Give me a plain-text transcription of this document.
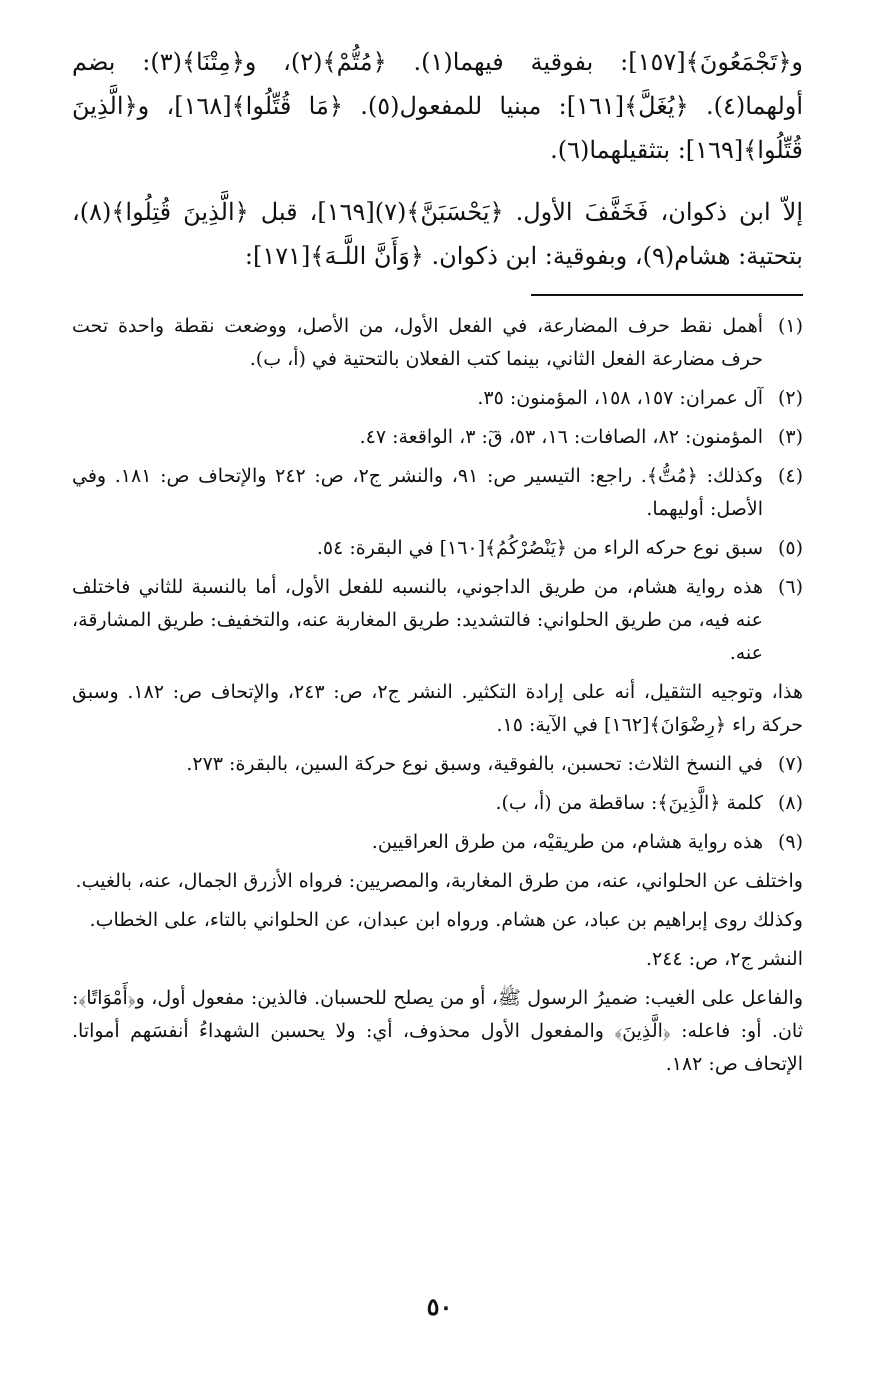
و﴿تَجْمَعُونَ﴾[١٥٧]: بفوقية فيهما(١). ﴿مُتُّمْ﴾(٢)، و﴿مِتْنَا﴾(٣): بضم أولهما(٤). ﴿يُغَلَّ﴾[١٦١]: مبنيا للمفعول(٥). ﴿مَا قُتِّلُوا﴾[١٦٨]، و﴿الَّذِينَ قُتِّلُوا﴾[١٦٩]: بتثقيلهما(٦).

إلاّ ابن ذكوان، فَخَفَّفَ الأول. ﴿يَحْسَبَنَّ﴾(٧)[١٦٩]، قبل ﴿الَّذِينَ قُتِلُوا﴾(٨)، بتحتية: هشام(٩)، وبفوقية: ابن ذكوان. ﴿وَأَنَّ اللَّـهَ﴾[١٧١]:

(١)
أهمل نقط حرف المضارعة، في الفعل الأول، من الأصل، ووضعت نقطة واحدة تحت حرف مضارعة الفعل الثاني، بينما كتب الفعلان بالتحتية في (أ، ب).
(٢)
آل عمران: ١٥٧، ١٥٨، المؤمنون: ٣٥.
(٣)
المؤمنون: ٨٢، الصافات: ١٦، ٥٣، قٓ: ٣، الواقعة: ٤٧.
(٤)
وكذلك: ﴿مُتُّ﴾. راجع: التيسير ص: ٩١، والنشر ج٢، ص: ٢٤٢ والإتحاف ص: ١٨١. وفي الأصل: أوليهما.
(٥)
سبق نوع حركه الراء من ﴿يَنْصُرْكُمُ﴾[١٦٠] في البقرة: ٥٤.
(٦)
هذه رواية هشام، من طريق الداجوني، بالنسبه للفعل الأول، أما بالنسبة للثاني فاختلف عنه فيه، من طريق الحلواني: فالتشديد: طريق المغاربة عنه، والتخفيف: طريق المشارقة، عنه.
هذا، وتوجيه التثقيل، أنه على إرادة التكثير. النشر ج٢، ص: ٢٤٣، والإتحاف ص: ١٨٢. وسبق حركة راء ﴿رِضْوَانَ﴾[١٦٢] في الآية: ١٥.
(٧)
في النسخ الثلاث: تحسبن، بالفوقية، وسبق نوع حركة السين، بالبقرة: ٢٧٣.
(٨)
كلمة ﴿الَّذِينَ﴾: ساقطة من (أ، ب).
(٩)
هذه رواية هشام، من طريقيْه، من طرق العراقيين.
واختلف عن الحلواني، عنه، من طرق المغاربة، والمصريين: فرواه الأزرق الجمال، عنه، بالغيب.
وكذلك روى إبراهيم بن عباد، عن هشام. ورواه ابن عبدان، عن الحلواني بالتاء، على الخطاب.
النشر ج٢، ص: ٢٤٤.
والفاعل على الغيب: ضميرُ الرسول ﷺ، أو من يصلح للحسبان. فالذين: مفعول أول، و﴿أَمْوَاتًا﴾: ثان. أو: فاعله: ﴿الَّذِينَ﴾ والمفعول الأول محذوف، أي: ولا يحسبن الشهداءُ أنفسَهم أمواتا. الإتحاف ص: ١٨٢.
٥٠
